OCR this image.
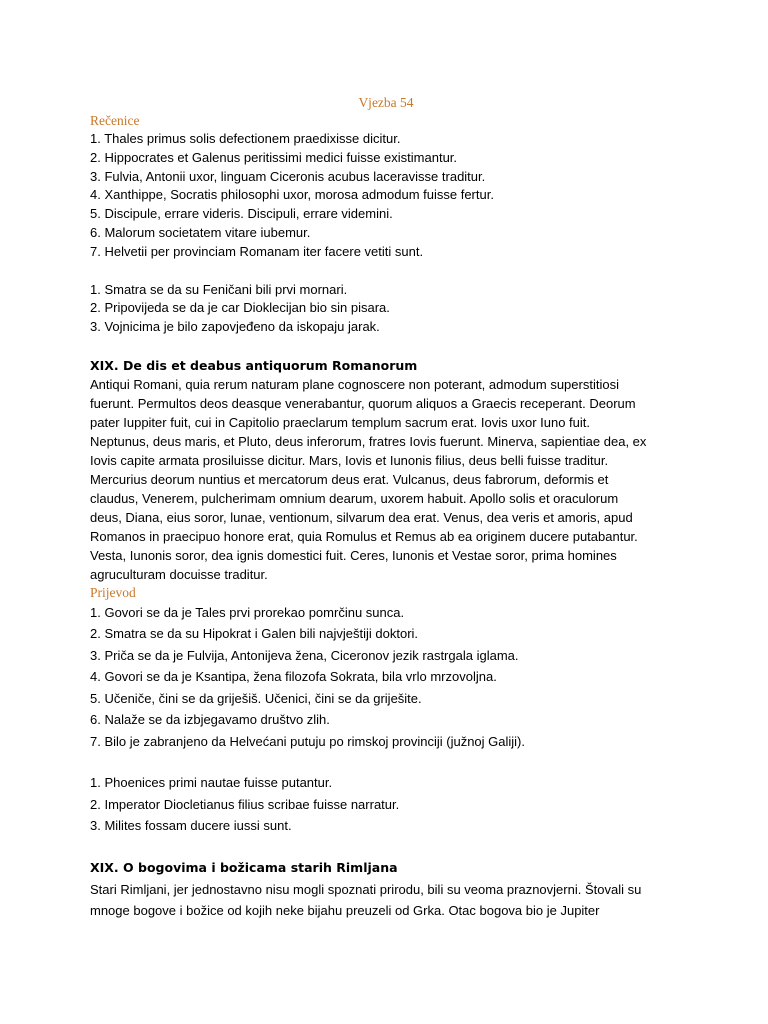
Vjezba 54

Rečenice

1. Thales primus solis defectionem praedixisse dicitur.

2. Hippocrates et Galenus peritissimi medici fuisse existimantur.

3. Fulvia, Antonii uxor, linguam Ciceronis acubus laceravisse traditur.

4. Xanthippe, Socratis philosophi uxor, morosa admodum fuisse fertur.

5. Discipule, errare videris. Discipuli, errare videmini.

6. Malorum societatem vitare iubemur.

7. Helvetii per provinciam Romanam iter facere vetiti sunt.

1. Smatra se da su Feničani bili prvi mornari.

2. Pripovijeda se da je car Dioklecijan bio sin pisara.

3. Vojnicima je bilo zapovjeđeno da iskopaju jarak.

XIX. De dis et deabus antiquorum Romanorum

Antiqui Romani, quia rerum naturam plane cognoscere non poterant, admodum superstitiosi

fuerunt. Permultos deos deasque venerabantur, quorum aliquos a Graecis receperant. Deorum

pater Iuppiter fuit, cui in Capitolio praeclarum templum sacrum erat. Iovis uxor Iuno fuit.

Neptunus, deus maris, et Pluto, deus inferorum, fratres Iovis fuerunt. Minerva, sapientiae dea, ex

Iovis capite armata prosiluisse dicitur. Mars, Iovis et Iunonis filius, deus belli fuisse traditur.

Mercurius deorum nuntius et mercatorum deus erat. Vulcanus, deus fabrorum, deformis et

claudus, Venerem, pulcherimam omnium dearum, uxorem habuit. Apollo solis et oraculorum

deus, Diana, eius soror, lunae, ventionum, silvarum dea erat. Venus, dea veris et amoris, apud

Romanos in praecipuo honore erat, quia Romulus et Remus ab ea originem ducere putabantur.

Vesta, Iunonis soror, dea ignis domestici fuit. Ceres, Iunonis et Vestae soror, prima homines

agruculturam docuisse traditur.

Prijevod

1. Govori se da je Tales prvi prorekao pomrčinu sunca.

2. Smatra se da su Hipokrat i Galen bili najvještiji doktori.

3. Priča se da je Fulvija, Antonijeva žena, Ciceronov jezik rastrgala iglama.

4. Govori se da je Ksantipa, žena filozofa Sokrata, bila vrlo mrzovoljna.

5. Učeniče, čini se da griješiš. Učenici, čini se da griješite.

6. Nalaže se da izbjegavamo društvo zlih.

7. Bilo je zabranjeno da Helvećani putuju po rimskoj provinciji (južnoj Galiji).

1. Phoenices primi nautae fuisse putantur.

2. Imperator Diocletianus filius scribae fuisse narratur.

3. Milites fossam ducere iussi sunt.

XIX. O bogovima i božicama starih Rimljana

Stari Rimljani, jer jednostavno nisu mogli spoznati prirodu, bili su veoma praznovjerni. Štovali su

mnoge bogove i božice od kojih neke bijahu preuzeli od Grka. Otac bogova bio je Jupiter
